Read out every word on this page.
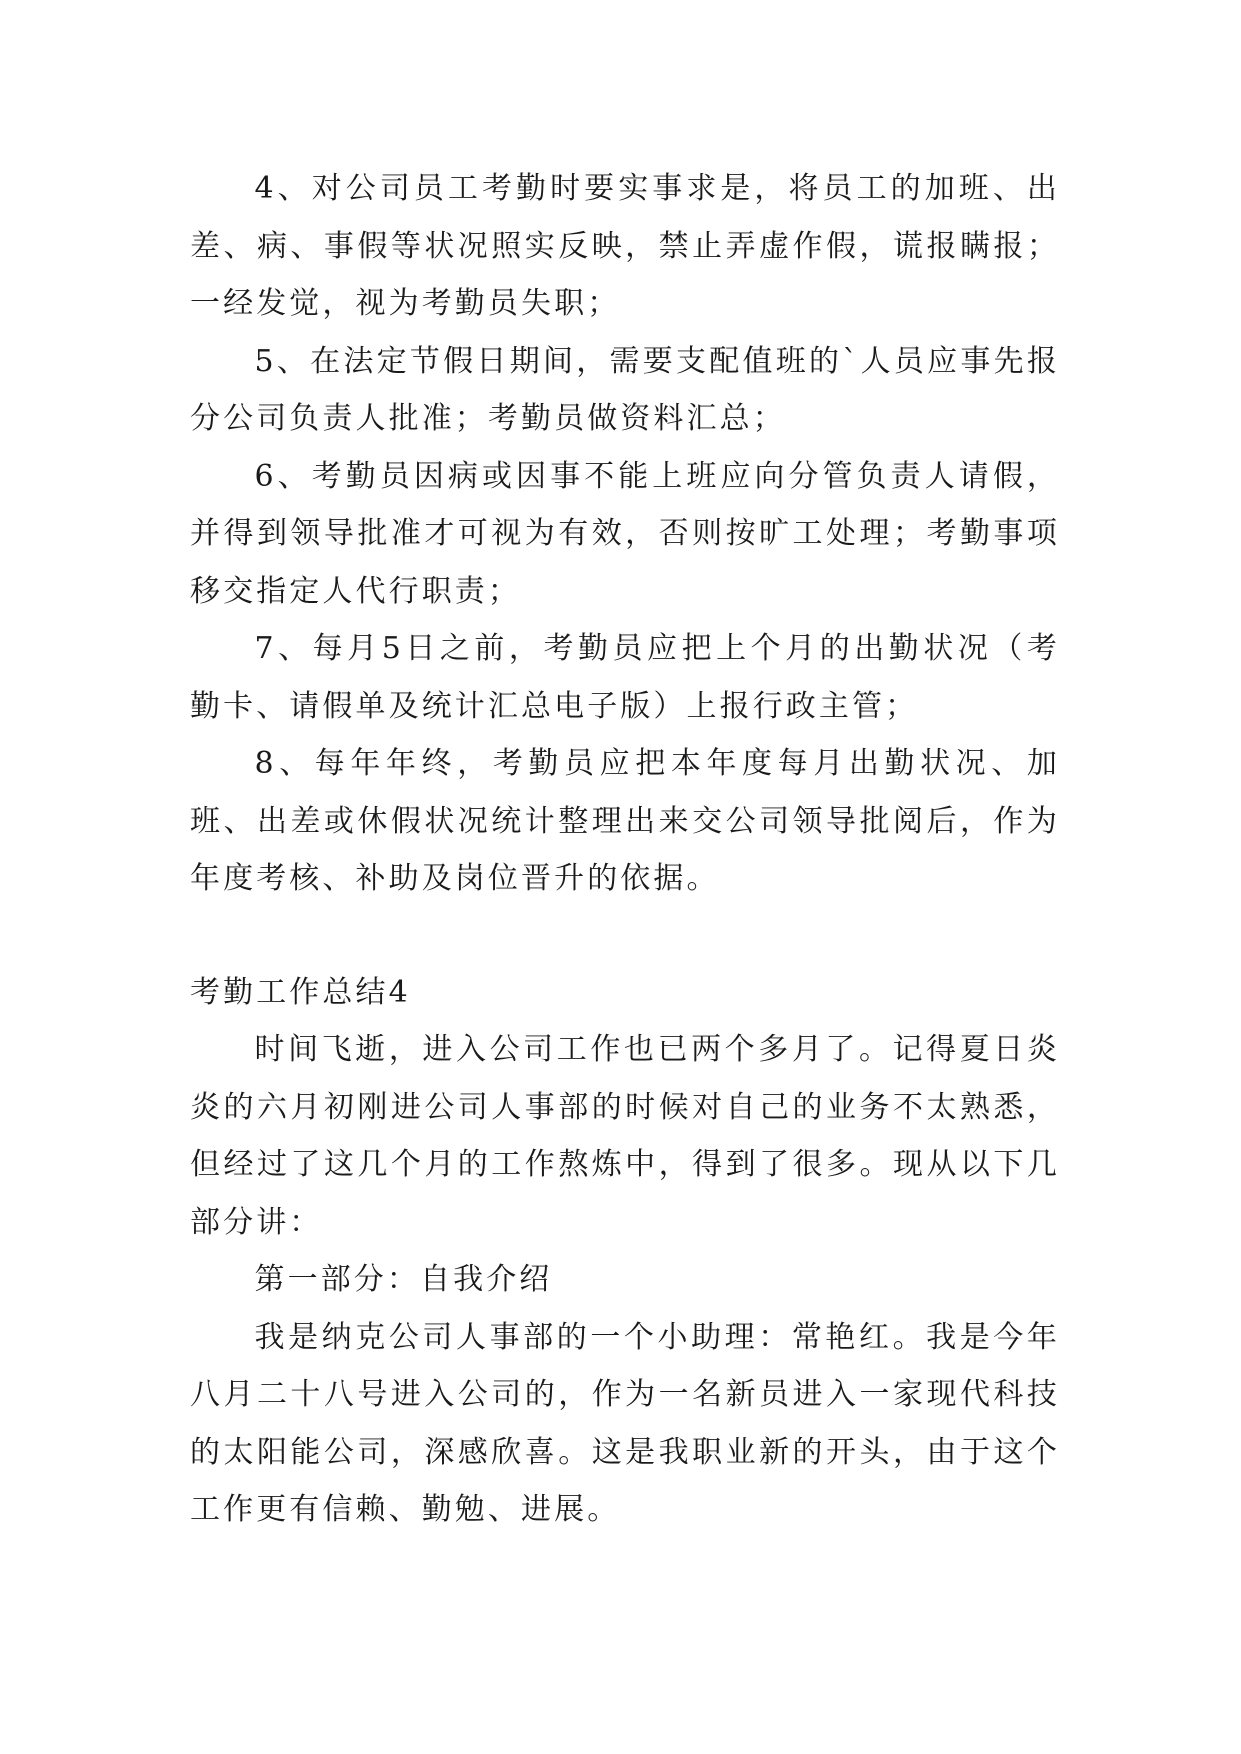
4、对公司员工考勤时要实事求是，将员工的加班、出差、病、事假等状况照实反映，禁止弄虚作假，谎报瞒报；一经发觉，视为考勤员失职；

5、在法定节假日期间，需要支配值班的`人员应事先报分公司负责人批准；考勤员做资料汇总；

6、考勤员因病或因事不能上班应向分管负责人请假，并得到领导批准才可视为有效，否则按旷工处理；考勤事项移交指定人代行职责；

7、每月5日之前，考勤员应把上个月的出勤状况（考勤卡、请假单及统计汇总电子版）上报行政主管；

8、每年年终，考勤员应把本年度每月出勤状况、加班、出差或休假状况统计整理出来交公司领导批阅后，作为年度考核、补助及岗位晋升的依据。

考勤工作总结4

时间飞逝，进入公司工作也已两个多月了。记得夏日炎炎的六月初刚进公司人事部的时候对自己的业务不太熟悉，但经过了这几个月的工作熬炼中，得到了很多。现从以下几部分讲：

第一部分：自我介绍

我是纳克公司人事部的一个小助理：常艳红。我是今年八月二十八号进入公司的，作为一名新员进入一家现代科技的太阳能公司，深感欣喜。这是我职业新的开头，由于这个工作更有信赖、勤勉、进展。
